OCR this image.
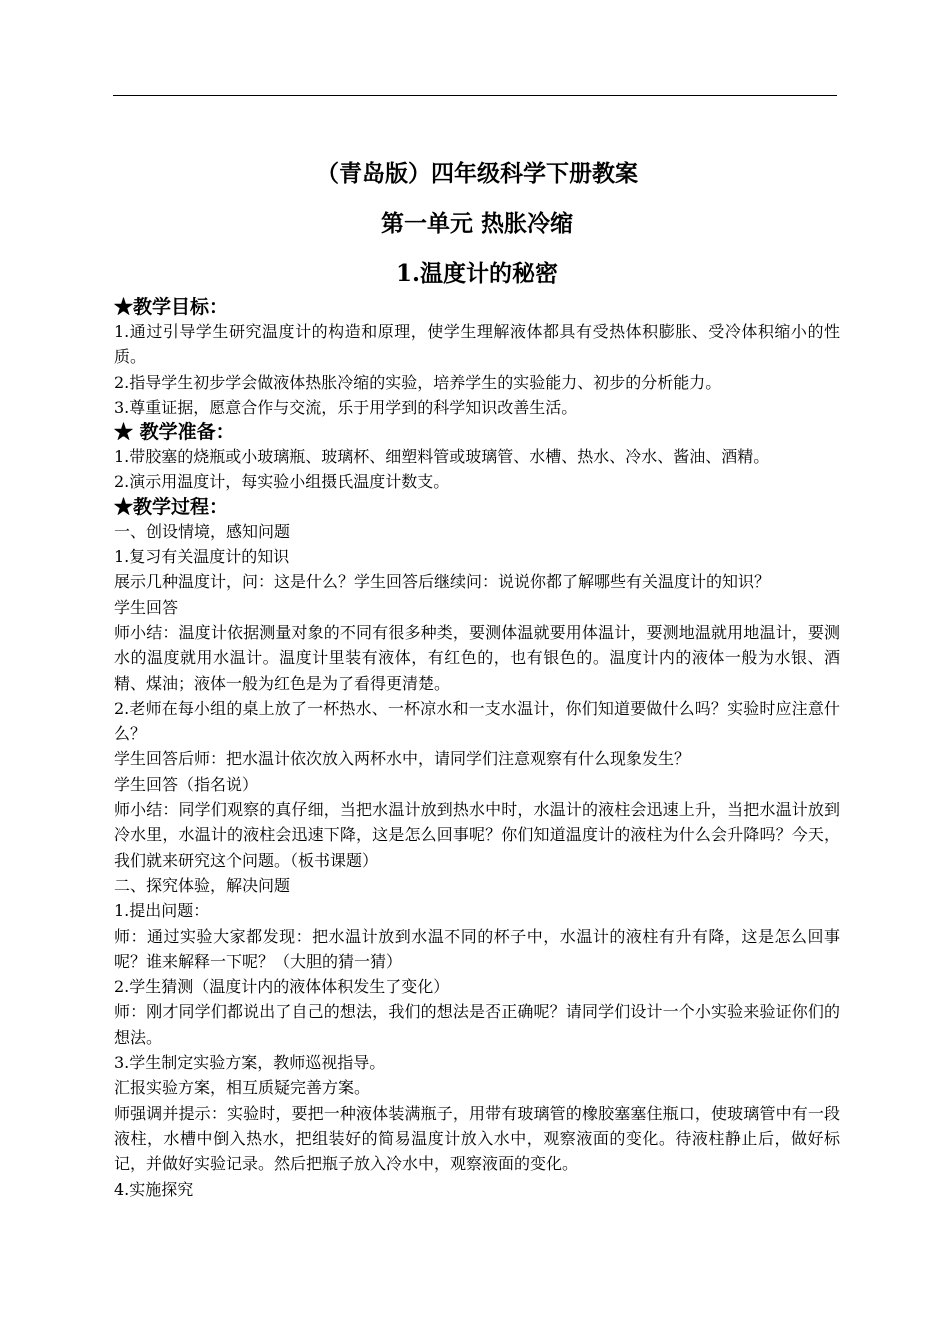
（青岛版）四年级科学下册教案
第一单元 热胀冷缩
1.温度计的秘密

★教学目标：

1.通过引导学生研究温度计的构造和原理，使学生理解液体都具有受热体积膨胀、受冷体积缩小的性质。

2.指导学生初步学会做液体热胀冷缩的实验，培养学生的实验能力、初步的分析能力。

3.尊重证据，愿意合作与交流，乐于用学到的科学知识改善生活。

★ 教学准备：

1.带胶塞的烧瓶或小玻璃瓶、玻璃杯、细塑料管或玻璃管、水槽、热水、冷水、酱油、酒精。

2.演示用温度计，每实验小组摄氏温度计数支。

★教学过程：

一、创设情境，感知问题

1.复习有关温度计的知识

展示几种温度计，问：这是什么？学生回答后继续问：说说你都了解哪些有关温度计的知识？

学生回答

师小结：温度计依据测量对象的不同有很多种类，要测体温就要用体温计，要测地温就用地温计，要测水的温度就用水温计。温度计里装有液体，有红色的，也有银色的。温度计内的液体一般为水银、酒精、煤油；液体一般为红色是为了看得更清楚。

2.老师在每小组的桌上放了一杯热水、一杯凉水和一支水温计，你们知道要做什么吗？实验时应注意什么？

学生回答后师：把水温计依次放入两杯水中，请同学们注意观察有什么现象发生？

学生回答（指名说）

师小结：同学们观察的真仔细，当把水温计放到热水中时，水温计的液柱会迅速上升，当把水温计放到冷水里，水温计的液柱会迅速下降，这是怎么回事呢？你们知道温度计的液柱为什么会升降吗？今天，我们就来研究这个问题。（板书课题）

二、探究体验，解决问题

1.提出问题：

师：通过实验大家都发现：把水温计放到水温不同的杯子中，水温计的液柱有升有降，这是怎么回事呢？谁来解释一下呢？（大胆的猜一猜）

2.学生猜测（温度计内的液体体积发生了变化）

师：刚才同学们都说出了自己的想法，我们的想法是否正确呢？请同学们设计一个小实验来验证你们的想法。

3.学生制定实验方案，教师巡视指导。

汇报实验方案，相互质疑完善方案。

师强调并提示：实验时，要把一种液体装满瓶子，用带有玻璃管的橡胶塞塞住瓶口，使玻璃管中有一段液柱，水槽中倒入热水，把组装好的简易温度计放入水中，观察液面的变化。待液柱静止后，做好标记，并做好实验记录。然后把瓶子放入冷水中，观察液面的变化。

4.实施探究
